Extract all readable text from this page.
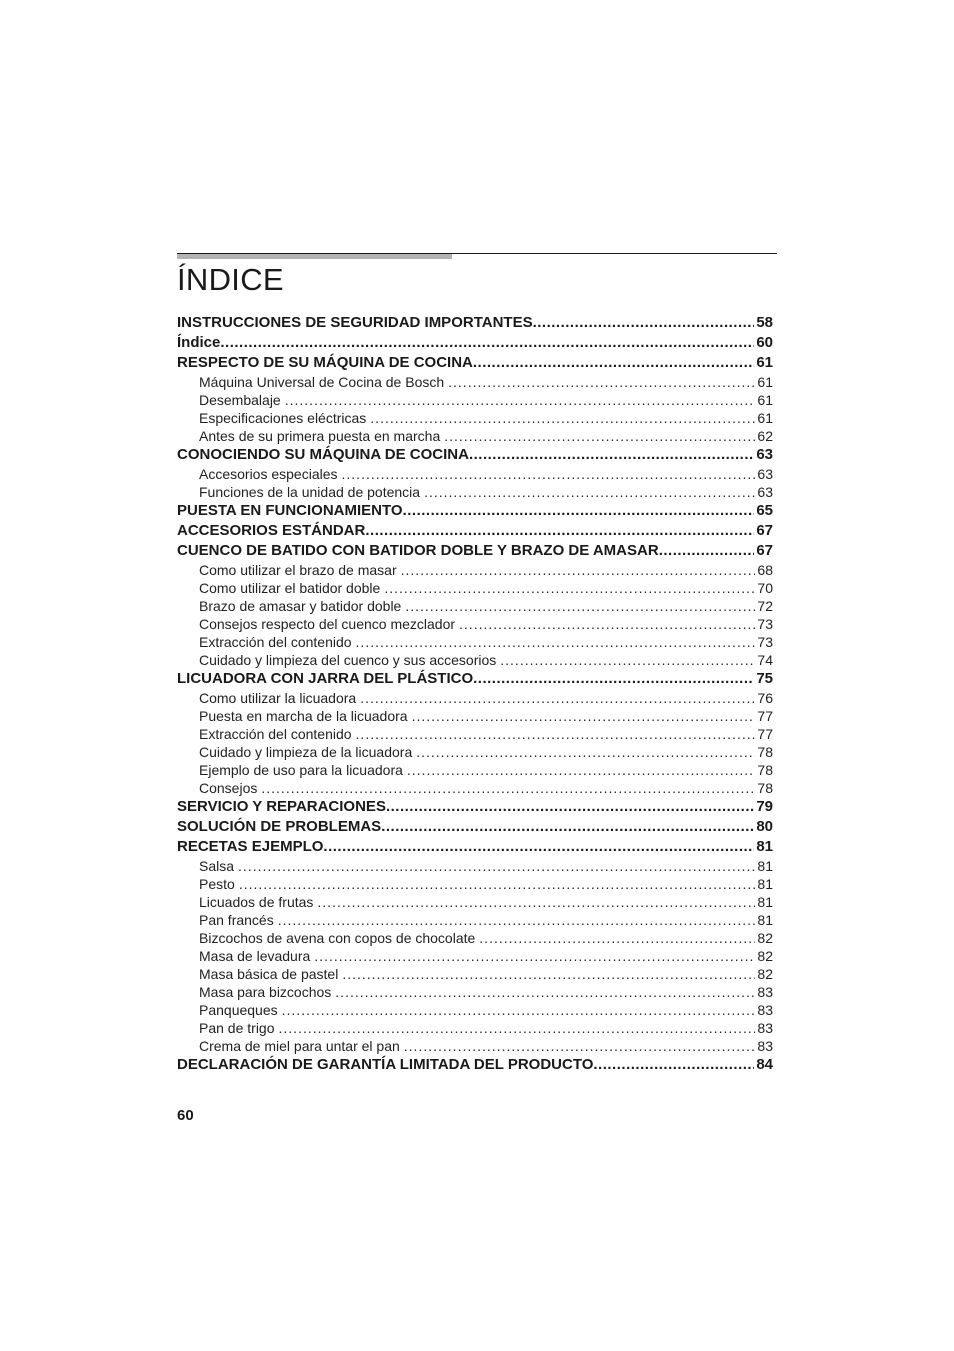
ÍNDICE
INSTRUCCIONES DE SEGURIDAD IMPORTANTES .....	58
Índice .....	60
RESPECTO DE SU MÁQUINA DE COCINA .....	61
Máquina Universal de Cocina de Bosch .....	61
Desembalaje .....	61
Especificaciones eléctricas .....	61
Antes de su primera puesta en marcha .....	62
CONOCIENDO SU MÁQUINA DE COCINA .....	63
Accesorios especiales .....	63
Funciones de la unidad de potencia .....	63
PUESTA EN FUNCIONAMIENTO .....	65
ACCESORIOS ESTÁNDAR .....	67
CUENCO DE BATIDO CON BATIDOR DOBLE Y BRAZO DE AMASAR .....	67
Como utilizar el brazo de masar .....	68
Como utilizar el batidor doble .....	70
Brazo de amasar y batidor doble .....	72
Consejos respecto del cuenco mezclador .....	73
Extracción del contenido .....	73
Cuidado y limpieza del cuenco y sus accesorios .....	74
LICUADORA CON JARRA DEL PLÁSTICO .....	75
Como utilizar la licuadora .....	76
Puesta en marcha de la licuadora .....	77
Extracción del contenido .....	77
Cuidado y limpieza de la licuadora .....	78
Ejemplo de uso para la licuadora .....	78
Consejos .....	78
SERVICIO Y REPARACIONES .....	79
SOLUCIÓN DE PROBLEMAS .....	80
RECETAS EJEMPLO .....	81
Salsa .....	81
Pesto .....	81
Licuados de frutas .....	81
Pan francés .....	81
Bizcochos de avena con copos de chocolate .....	82
Masa de levadura .....	82
Masa básica de pastel .....	82
Masa para bizcochos .....	83
Panqueques .....	83
Pan de trigo .....	83
Crema de miel para untar el pan .....	83
DECLARACIÓN DE GARANTÍA LIMITADA DEL PRODUCTO .....	84
60
